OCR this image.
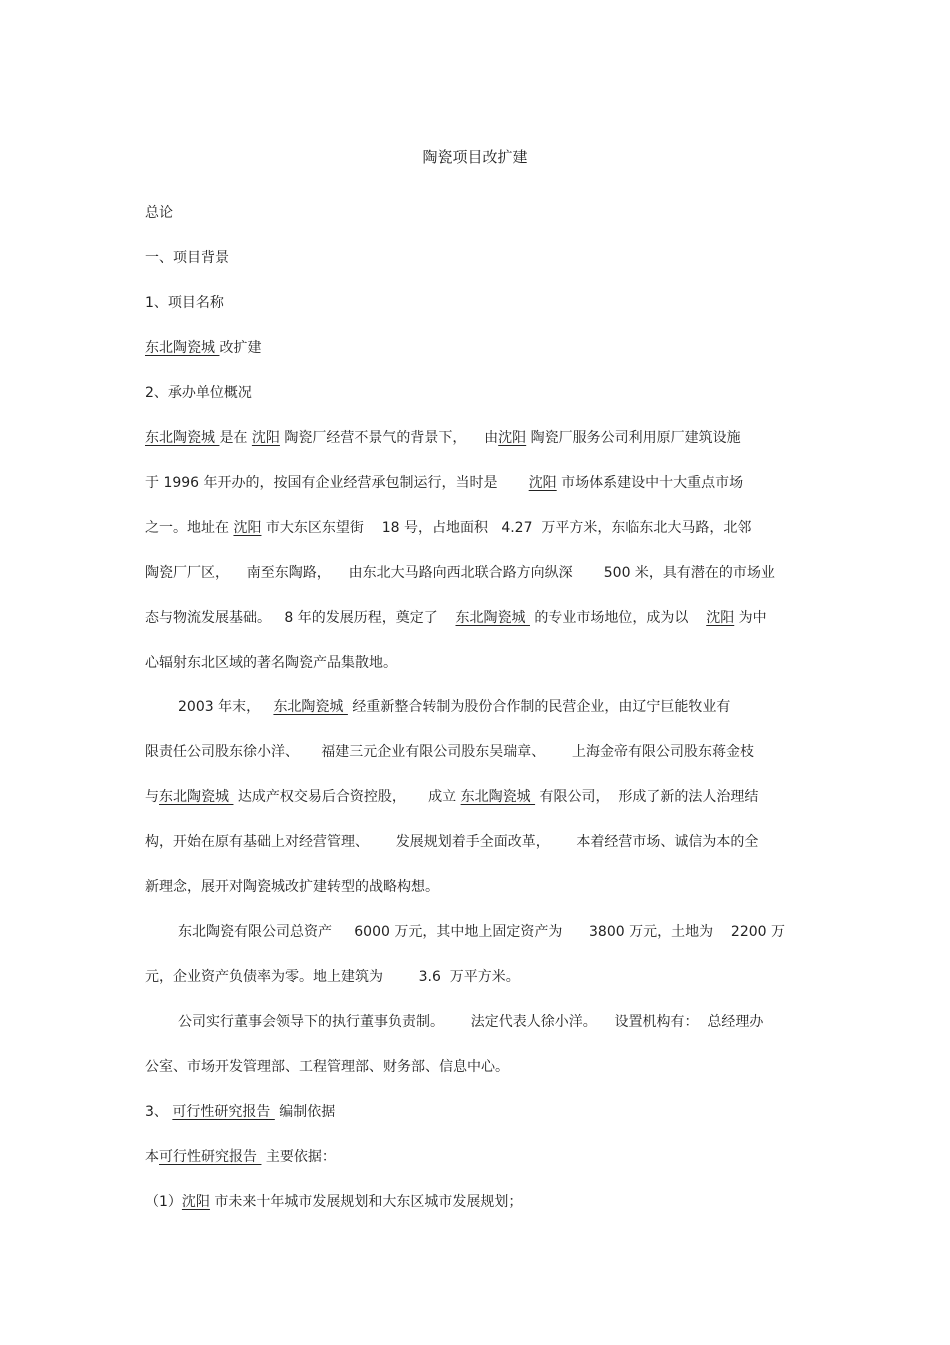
陶瓷项目改扩建
总论
一、项目背景
1、项目名称
东北陶瓷城 改扩建
2、承办单位概况
东北陶瓷城 是在 沈阳 陶瓷厂经营不景气的背景下，    由沈阳 陶瓷厂服务公司利用原厂建筑设施
于 1996 年开办的，按国有企业经营承包制运行，当时是       沈阳 市场体系建设中十大重点市场
之一。地址在 沈阳 市大东区东望街    18 号，占地面积   4.27  万平方米，东临东北大马路，北邻
陶瓷厂厂区，    南至东陶路，    由东北大马路向西北联合路方向纵深       500 米，具有潜在的市场业
态与物流发展基础。   8 年的发展历程，奠定了    东北陶瓷城  的专业市场地位，成为以    沈阳 为中
心辐射东北区域的著名陶瓷产品集散地。
2003 年末，   东北陶瓷城  经重新整合转制为股份合作制的民营企业，由辽宁巨能牧业有
限责任公司股东徐小洋、     福建三元企业有限公司股东吴瑞章、      上海金帝有限公司股东蒋金枝
与东北陶瓷城  达成产权交易后合资控股，     成立 东北陶瓷城  有限公司，  形成了新的法人治理结
构，开始在原有基础上对经营管理、      发展规划着手全面改革，      本着经营市场、诚信为本的全
新理念，展开对陶瓷城改扩建转型的战略构想。
东北陶瓷有限公司总资产     6000 万元，其中地上固定资产为      3800 万元，土地为    2200 万
元，企业资产负债率为零。地上建筑为        3.6  万平方米。
公司实行董事会领导下的执行董事负责制。      法定代表人徐小洋。    设置机构有：  总经理办
公室、市场开发管理部、工程管理部、财务部、信息中心。
3、 可行性研究报告  编制依据
本可行性研究报告  主要依据：
（1）沈阳 市未来十年城市发展规划和大东区城市发展规划；
